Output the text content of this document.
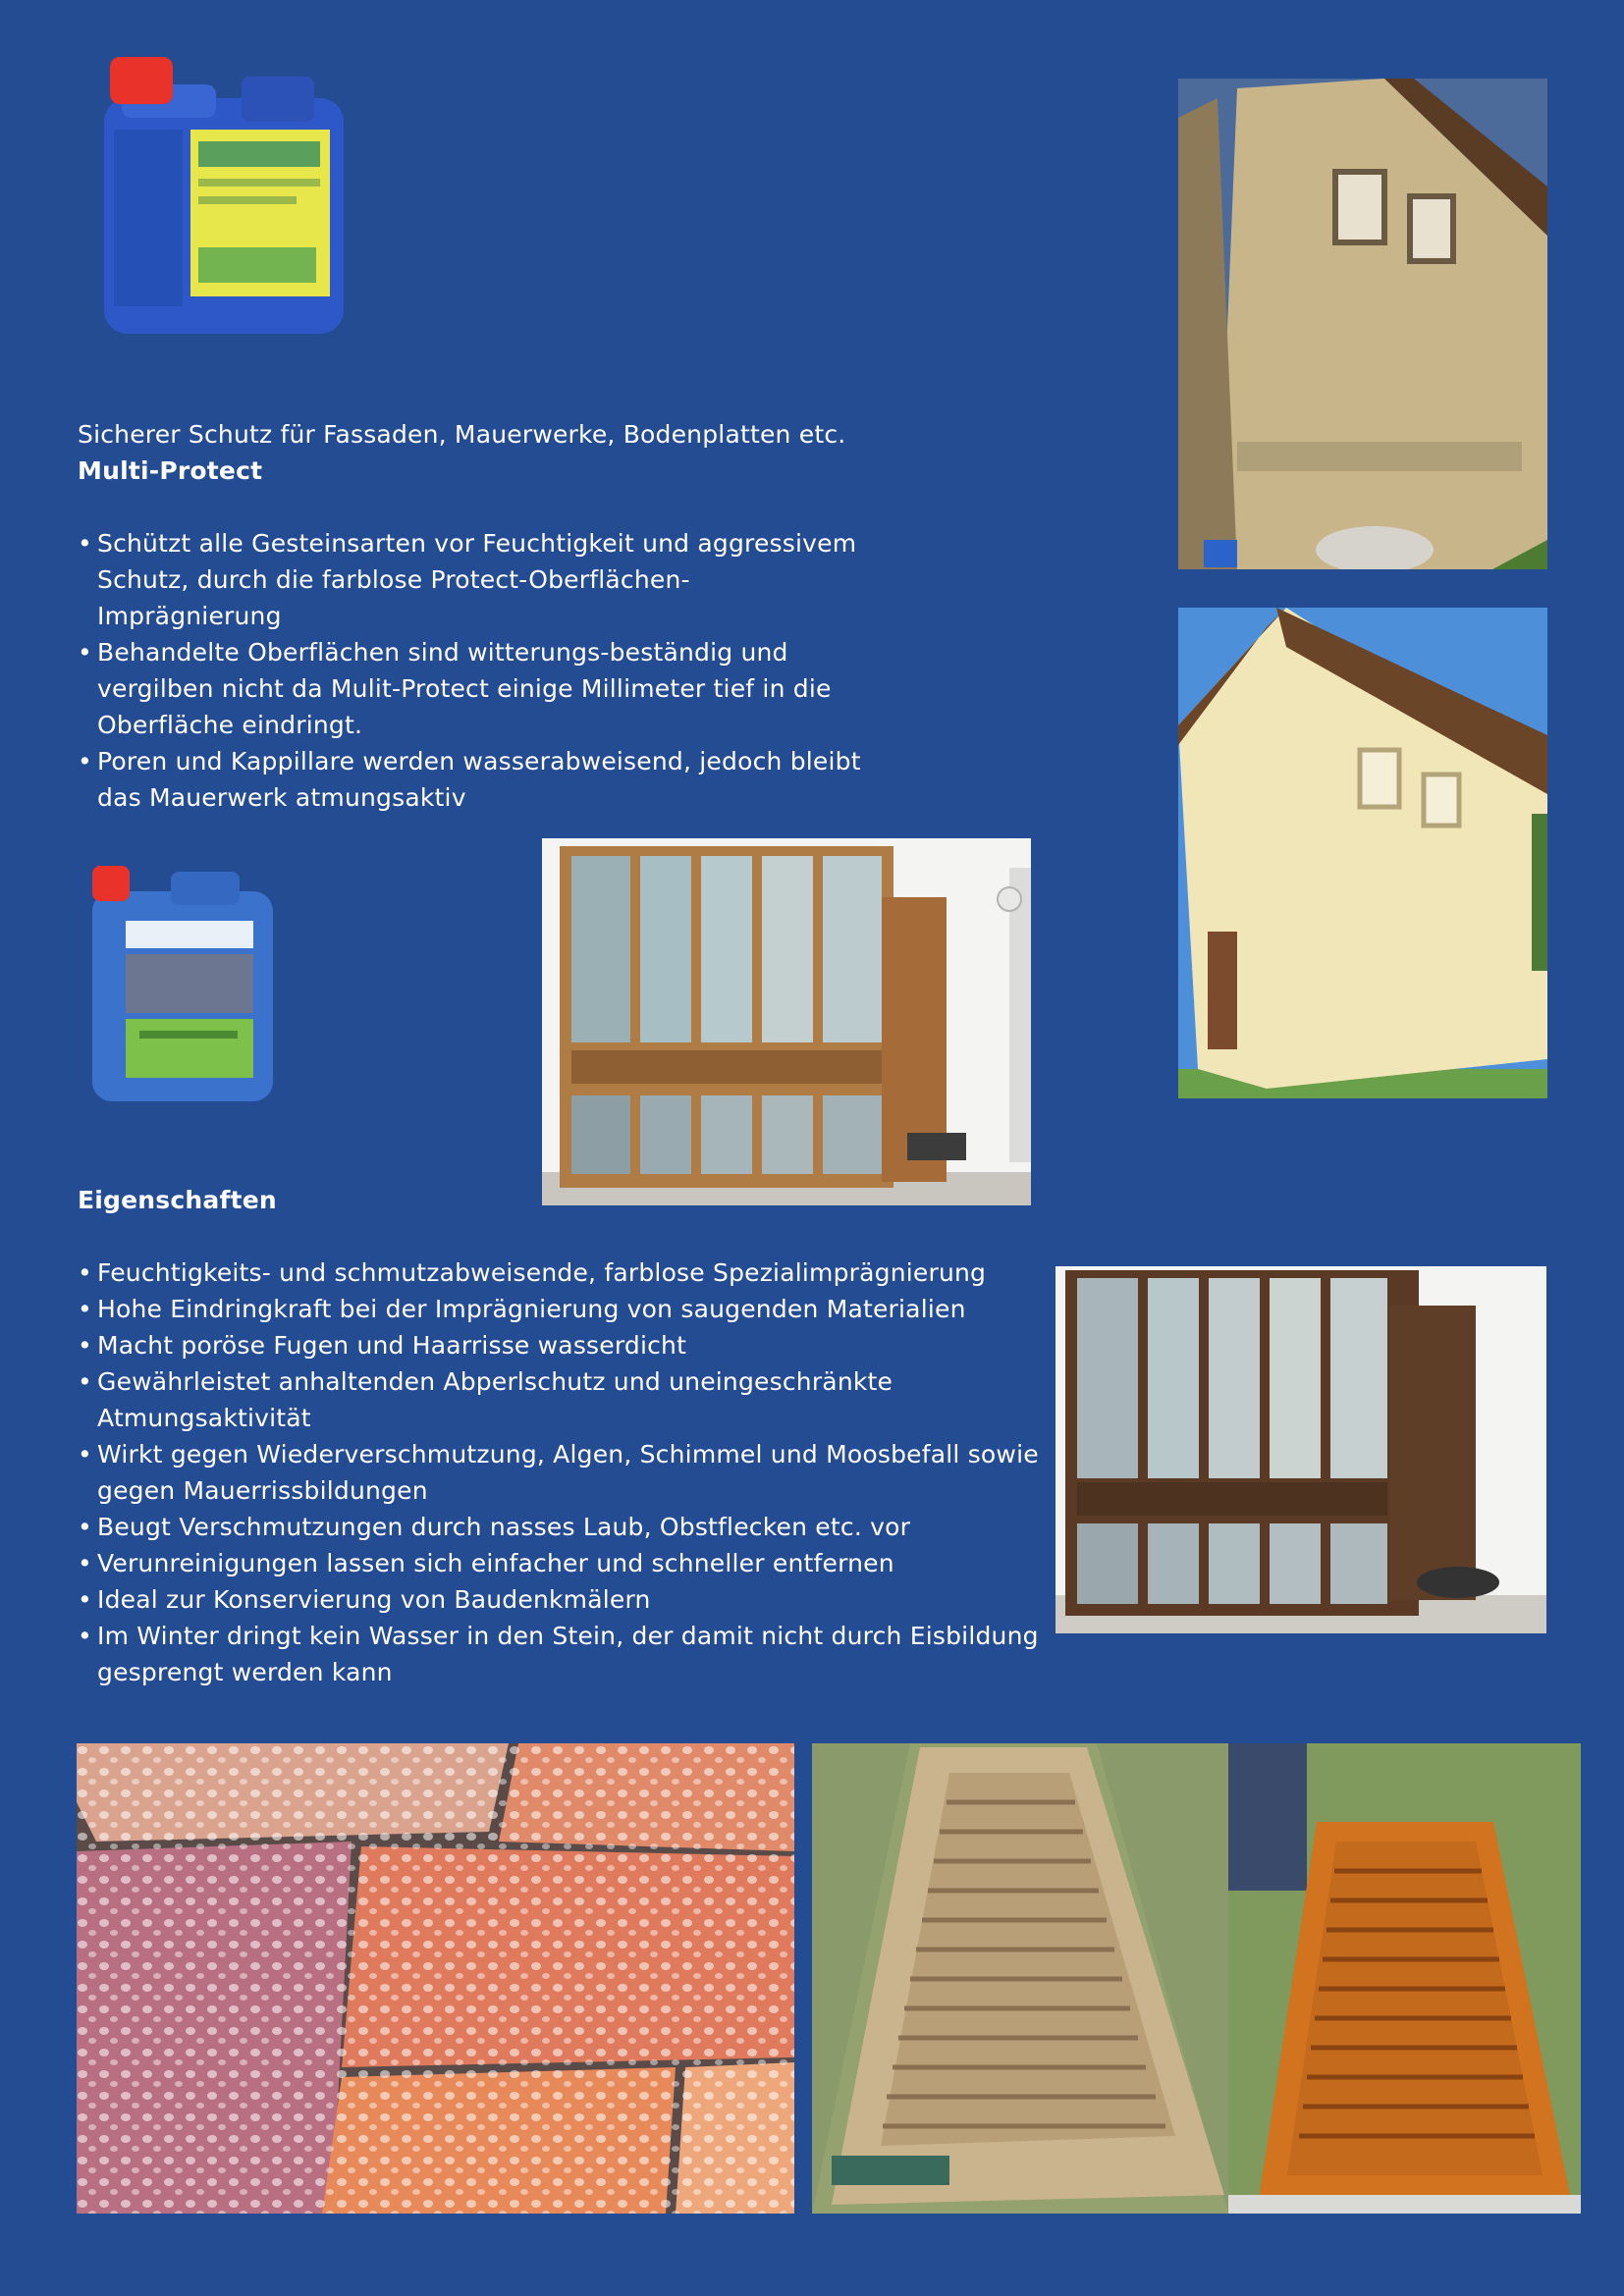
Sicherer Schutz für Fassaden, Mauerwerke, Bodenplatten etc.
Multi-Protect
• Schützt alle Gesteinsarten vor Feuchtigkeit und aggressivem Schutz, durch die farblose Protect-Oberflächen-Imprägnierung
• Behandelte Oberflächen sind witterungs-beständig und vergilben nicht da Mulit-Protect einige Millimeter tief in die Oberfläche eindringt.
• Poren und Kappillare werden wasserabweisend, jedoch bleibt das Mauerwerk atmungsaktiv
Eigenschaften
• Feuchtigkeits- und schmutzabweisende, farblose Spezialimprägnierung
• Hohe Eindringkraft bei der Imprägnierung von saugenden Materialien
• Macht poröse Fugen und Haarrisse wasserdicht
• Gewährleistet anhaltenden Abperlschutz und uneingeschränkte Atmungsaktivität
• Wirkt gegen Wiederverschmutzung, Algen, Schimmel und Moosbefall sowie gegen Mauerrissbildungen
• Beugt Verschmutzungen durch nasses Laub, Obstflecken etc. vor
• Verunreinigungen lassen sich einfacher und schneller entfernen
• Ideal zur Konservierung von Baudenkmälern
• Im Winter dringt kein Wasser in den Stein, der damit nicht durch Eisbildung gesprengt werden kann
